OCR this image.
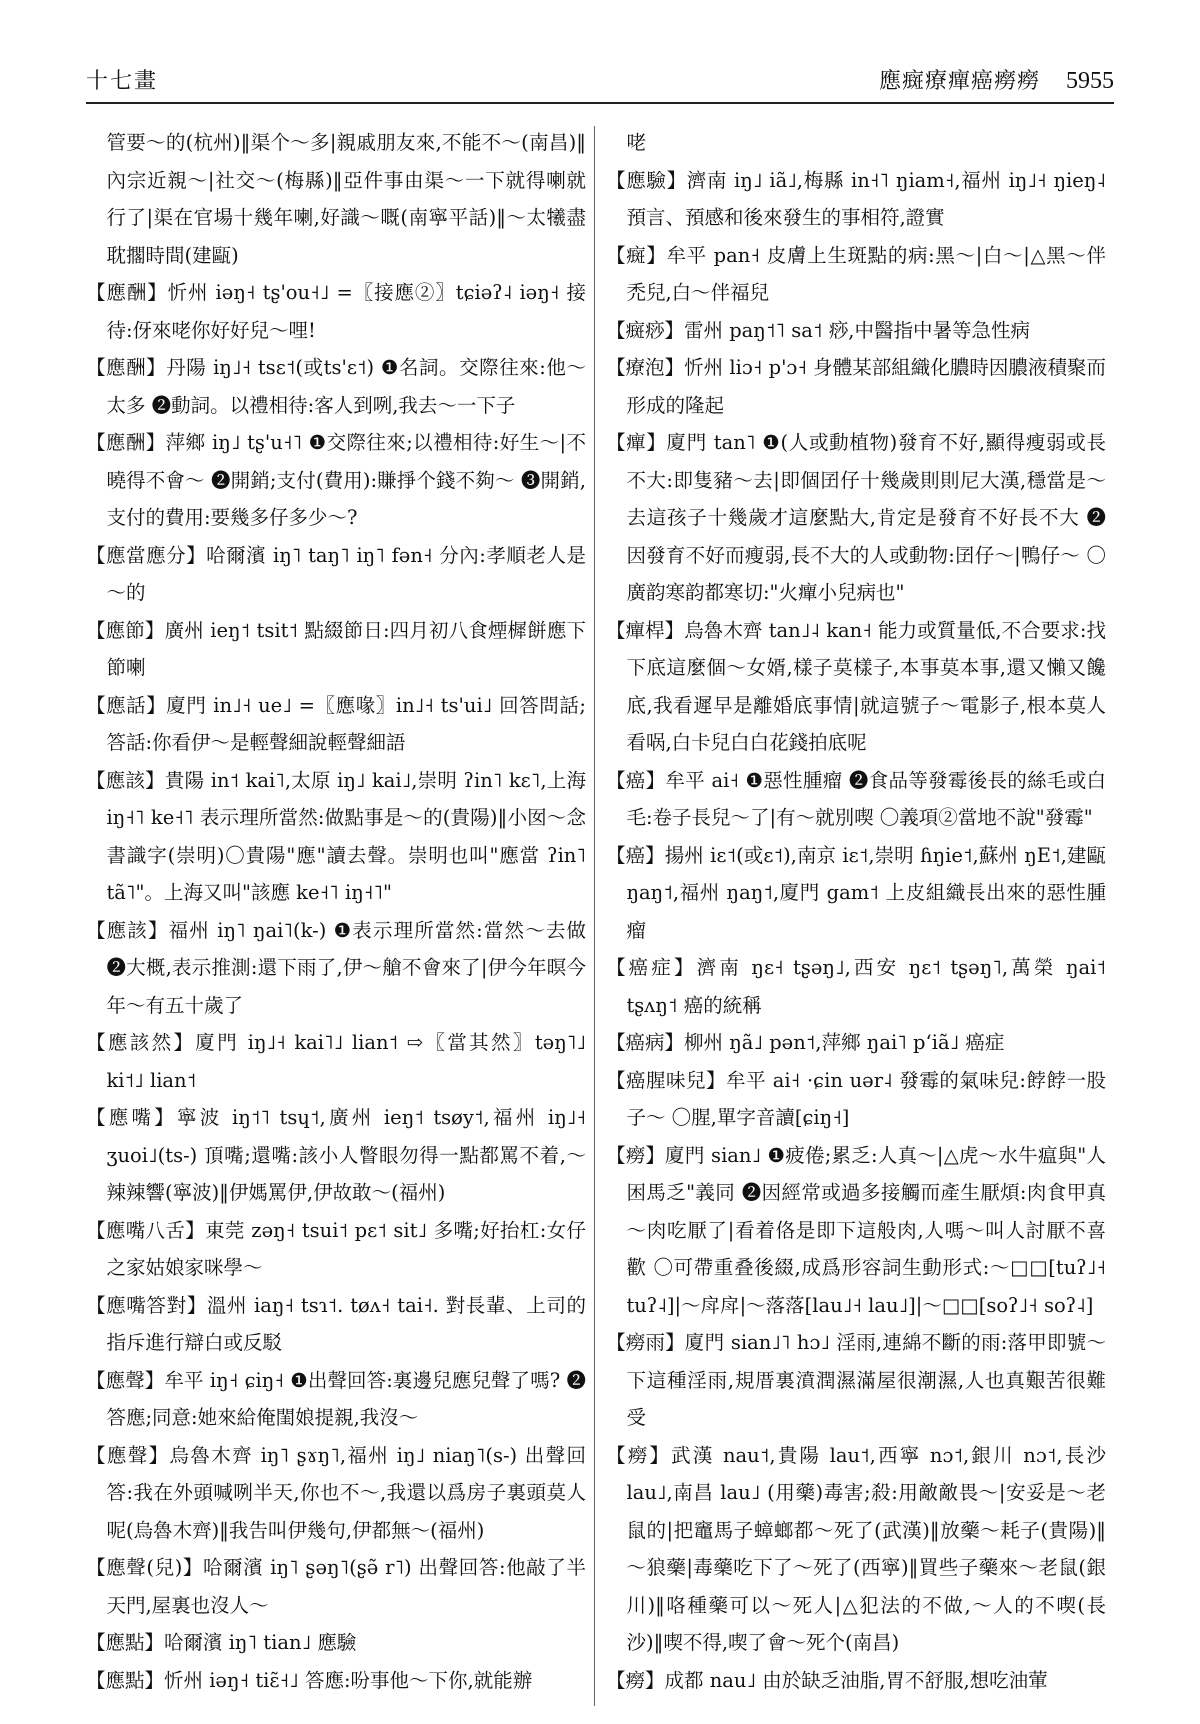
十七畫	應癍療癉癌癆癆 5955

管要～的(杭州)‖渠个～多|親戚朋友來,不能不～(南昌)‖內宗近親～|社交～(梅縣)‖亞件事由渠～一下就得喇就行了|渠在官場十幾年喇,好識～嘅(南寧平話)‖～太犧盡耽擱時間(建甌)

【應酬】忻州 iəŋ˧ tʂ'ou˧˩ =〖接應②〗tɕiəʔ˨ iəŋ˧ 接待:伢來咾你好好兒～哩!

【應酬】丹陽 iŋ˩˧ tsɛ˦(或ts'ɛ˦) ❶名詞。交際往來:他～太多 ❷動詞。以禮相待:客人到咧,我去～一下子

【應酬】萍鄉 iŋ˩ tʂ'u˧˥ ❶交際往來;以禮相待:好生～|不曉得不會～ ❷開銷;支付(費用):賺掙个錢不夠～ ❸開銷,支付的費用:要幾多仔多少～?

【應當應分】哈爾濱 iŋ˥ taŋ˥ iŋ˥ fən˧ 分內:孝順老人是～的

【應節】廣州 ieŋ˦ tsit˦ 點綴節日:四月初八食煙樨餅應下節喇

【應話】廈門 in˩˧ ue˩ =〖應喙〗in˩˧ ts'ui˩ 回答問話;答話:你看伊～是輕聲細說輕聲細語

【應該】貴陽 in˦ kai˥,太原 iŋ˩ kai˩,崇明 ʔin˥ kɛ˥,上海 iŋ˧˥ ke˧˥ 表示理所當然:做點事是～的(貴陽)‖小囡～念書識字(崇明)〇貴陽"應"讀去聲。崇明也叫"應當 ʔin˥ tã˥"。上海又叫"該應 ke˧˥ iŋ˧˥"

【應該】福州 iŋ˥ ŋai˥(k-) ❶表示理所當然:當然～去做 ❷大概,表示推測:還下雨了,伊～艙不會來了|伊今年暝今年～有五十歲了

【應該然】廈門 iŋ˩˧ kai˥˩ lian˦ ⇨〖當其然〗təŋ˥˩ ki˦˩ lian˦

【應嘴】寧波 iŋ˦˥ tsɥ˦,廣州 ieŋ˦ tsøy˦,福州 iŋ˩˧ ʒuoi˩(ts-) 頂嘴;還嘴:該小人瞥眼勿得一點都罵不着,～辣辣響(寧波)‖伊媽罵伊,伊故敢～(福州)

【應嘴八舌】東莞 zəŋ˧ tsui˦ pɛ˦ sit˩ 多嘴;好抬杠:女仔之家姑娘家咪學～

【應嘴答對】溫州 iaŋ˧ tsɿ˦. tøʌ˧ tai˧. 對長輩、上司的指斥進行辯白或反駁

【應聲】牟平 iŋ˧ ɕiŋ˧ ❶出聲回答:裏邊兒應兒聲了嗎? ❷答應;同意:她來給俺閨娘提親,我沒～

【應聲】烏魯木齊 iŋ˥ ʂɤŋ˥,福州 iŋ˩ niaŋ˥(s-) 出聲回答:我在外頭喊咧半天,你也不～,我還以爲房子裏頭莫人呢(烏魯木齊)‖我告叫伊幾句,伊都無～(福州)

【應聲(兒)】哈爾濱 iŋ˥ ʂəŋ˥(ʂə̃ r˥) 出聲回答:他敲了半天門,屋裏也沒人～

【應點】哈爾濱 iŋ˥ tian˩ 應驗

【應點】忻州 iəŋ˧ tiɛ̃˧˩ 答應:吩事他～下你,就能辦

咾

【應驗】濟南 iŋ˩ iã˩,梅縣 in˧˥ ŋiam˧,福州 iŋ˩˧ ŋieŋ˨ 預言、預感和後來發生的事相符,證實

【癍】牟平 pan˧ 皮膚上生斑點的病:黑～|白～|△黑～伴禿兒,白～伴福兒

【癍痧】雷州 paŋ˦˥ sa˦ 痧,中醫指中暑等急性病

【療泡】忻州 liɔ˧ p'ɔ˧ 身體某部組織化膿時因膿液積聚而形成的隆起

【癉】廈門 tan˥ ❶(人或動植物)發育不好,顯得瘦弱或長不大:即隻豬～去|即個囝仔十幾歲則則尼大漢,穩當是～去這孩子十幾歲才這麼點大,肯定是發育不好長不大 ❷因發育不好而瘦弱,長不大的人或動物:囝仔～|鴨仔～ 〇廣韵寒韵都寒切:"火癉小兒病也"

【癉桿】烏魯木齊 tan˩˨ kan˧ 能力或質量低,不合要求:找下底這麼個～女婿,樣子莫樣子,本事莫本事,還又懶又饞底,我看遲早是離婚底事情|就這號子～電影子,根本莫人看㖞,白卡兒白白花錢拍底呢

【癌】牟平 ai˧ ❶惡性腫瘤 ❷食品等發霉後長的絲毛或白毛:卷子長兒～了|有～就別喫 〇義項②當地不說"發霉"

【癌】揚州 iɛ˦(或ɛ˦),南京 iɛ˦,崇明 ɦŋie˦,蘇州 ŋE˦,建甌 ŋaŋ˦,福州 ŋaŋ˦,廈門 gam˦ 上皮組織長出來的惡性腫瘤

【癌症】濟南 ŋɛ˧ tʂəŋ˩,西安 ŋɛ˦ tʂəŋ˥,萬榮 ŋai˦ tʂʌŋ˦ 癌的統稱

【癌病】柳州 ŋã˩ pən˦,萍鄉 ŋai˥ pʻiã˩ 癌症

【癌腥味兒】牟平 ai˧ ·ɕin uər˨ 發霉的氣味兒:餑餑一股子～ 〇腥,單字音讀[ɕiŋ˧]

【癆】廈門 sian˩ ❶疲倦;累乏:人真～|△虎～水牛瘟與"人困馬乏"義同 ❷因經常或過多接觸而產生厭煩:肉食甲真～肉吃厭了|看着佫是即下這般肉,人嗎～叫人討厭不喜歡 〇可帶重叠後綴,成爲形容詞生動形式:～□□[tuʔ˩˧ tuʔ˨]|～戽戽|～落落[lau˩˧ lau˩]|～□□[soʔ˩˧ soʔ˨]

【癆雨】廈門 sian˩˥ hɔ˩ 淫雨,連綿不斷的雨:落甲即號～下這種淫雨,規厝裏濆潤濕滿屋很潮濕,人也真艱苦很難受

【癆】武漢 nau˦,貴陽 lau˦,西寧 nɔ˦,銀川 nɔ˦,長沙 lau˩,南昌 lau˩ (用藥)毒害;殺:用敵敵畏～|安妥是～老鼠的|把竈馬子蟑螂都～死了(武漢)‖放藥～耗子(貴陽)‖～狼藥|毒藥吃下了～死了(西寧)‖買些子藥來～老鼠(銀川)‖咯種藥可以～死人|△犯法的不做,～人的不喫(長沙)‖喫不得,喫了會～死个(南昌)

【癆】成都 nau˩ 由於缺乏油脂,胃不舒服,想吃油葷
